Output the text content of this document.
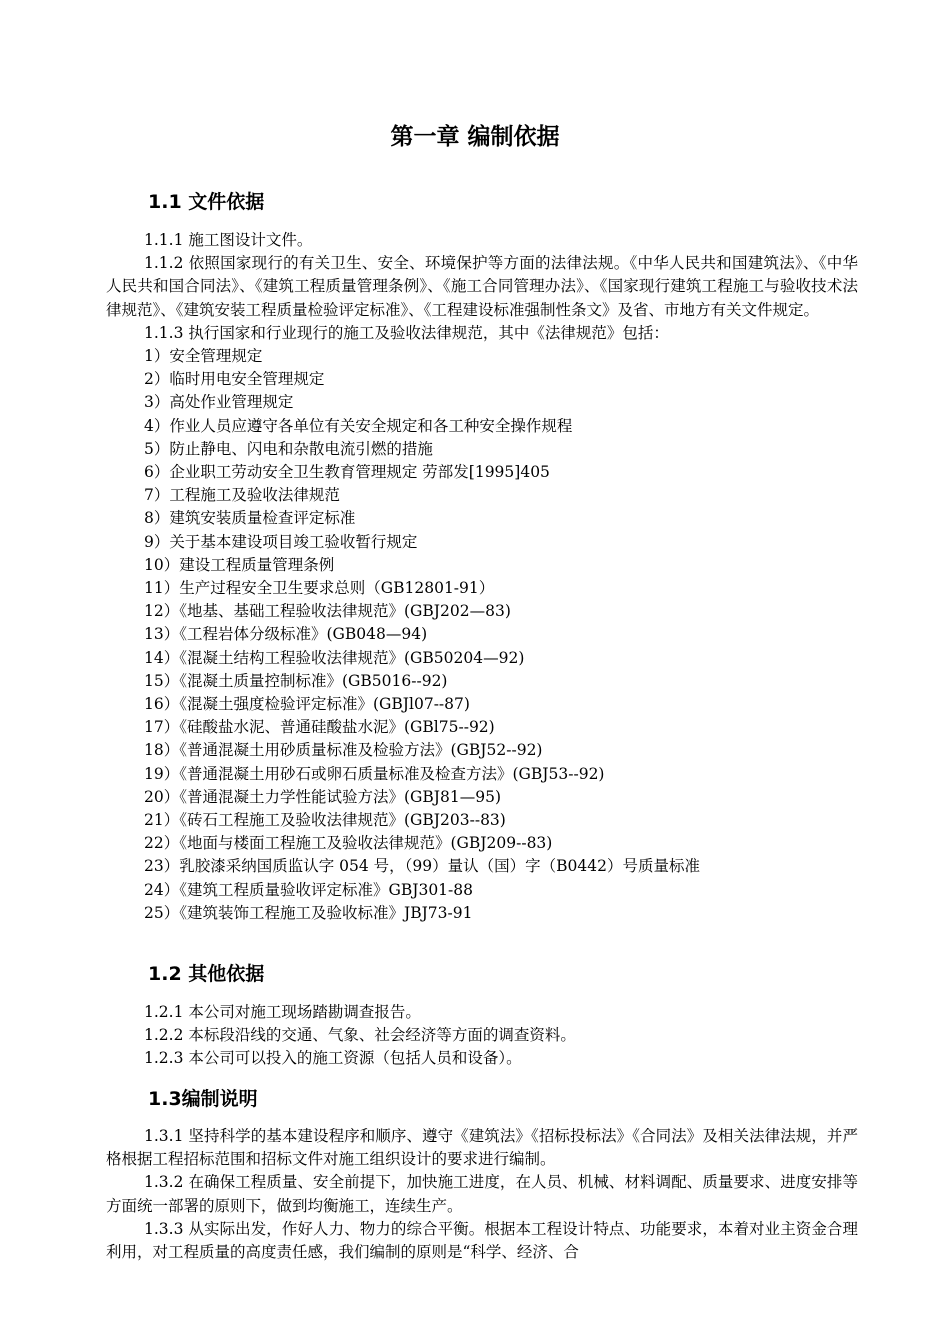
第一章 编制依据
1.1 文件依据

1.1.1 施工图设计文件。

1.1.2 依照国家现行的有关卫生、安全、环境保护等方面的法律法规。《中华人民共和国建筑法》、《中华人民共和国合同法》、《建筑工程质量管理条例》、《施工合同管理办法》、《国家现行建筑工程施工与验收技术法律规范》、《建筑安装工程质量检验评定标准》、《工程建设标准强制性条文》及省、市地方有关文件规定。

1.1.3 执行国家和行业现行的施工及验收法律规范，其中《法律规范》包括：

1）安全管理规定

2）临时用电安全管理规定

3）高处作业管理规定

4）作业人员应遵守各单位有关安全规定和各工种安全操作规程

5）防止静电、闪电和杂散电流引燃的措施

6）企业职工劳动安全卫生教育管理规定 劳部发[1995]405

7）工程施工及验收法律规范

8）建筑安装质量检查评定标准

9）关于基本建设项目竣工验收暂行规定

10）建设工程质量管理条例

11）生产过程安全卫生要求总则（GB12801-91）

12）《地基、基础工程验收法律规范》(GBJ202—83)

13）《工程岩体分级标准》(GB048—94)

14）《混凝土结构工程验收法律规范》(GB50204—92)

15）《混凝土质量控制标准》(GB5016--92)

16）《混凝土强度检验评定标准》(GBJl07--87)

17）《硅酸盐水泥、普通硅酸盐水泥》(GBl75--92)

18）《普通混凝土用砂质量标准及检验方法》(GBJ52--92)

19）《普通混凝土用砂石或卵石质量标准及检查方法》(GBJ53--92)

20）《普通混凝土力学性能试验方法》(GBJ81—95)

21）《砖石工程施工及验收法律规范》(GBJ203--83)

22）《地面与楼面工程施工及验收法律规范》(GBJ209--83)

23）乳胶漆采纳国质监认字 054 号，（99）量认（国）字（B0442）号质量标准

24）《建筑工程质量验收评定标准》GBJ301-88

25）《建筑装饰工程施工及验收标准》JBJ73-91

1.2 其他依据

1.2.1 本公司对施工现场踏勘调查报告。

1.2.2 本标段沿线的交通、气象、社会经济等方面的调查资料。

1.2.3 本公司可以投入的施工资源（包括人员和设备）。

1.3编制说明

1.3.1 坚持科学的基本建设程序和顺序、遵守《建筑法》《招标投标法》《合同法》及相关法律法规，并严格根据工程招标范围和招标文件对施工组织设计的要求进行编制。

1.3.2 在确保工程质量、安全前提下，加快施工进度，在人员、机械、材料调配、质量要求、进度安排等方面统一部署的原则下，做到均衡施工，连续生产。

1.3.3 从实际出发，作好人力、物力的综合平衡。根据本工程设计特点、功能要求，本着对业主资金合理利用，对工程质量的高度责任感，我们编制的原则是“科学、经济、合
